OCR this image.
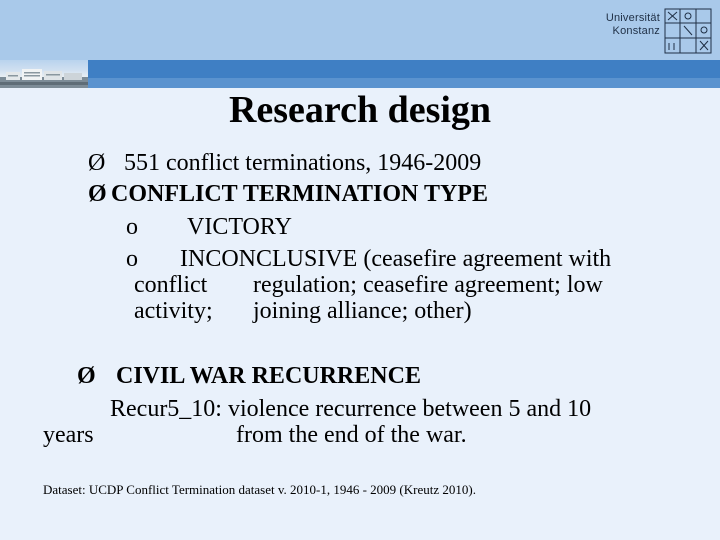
Universität
Konstanz
Research design
Ø 551 conflict terminations, 1946-2009
Ø CONFLICT TERMINATION TYPE
o VICTORY
o INCONCLUSIVE (ceasefire agreement with
conflict regulation; ceasefire agreement; low
activity; joining alliance; other)
Ø CIVIL WAR RECURRENCE
Recur5_10: violence recurrence between 5 and 10
years	from the end of the war.
Dataset: UCDP Conflict Termination dataset v. 2010-1, 1946 - 2009 (Kreutz 2010).
